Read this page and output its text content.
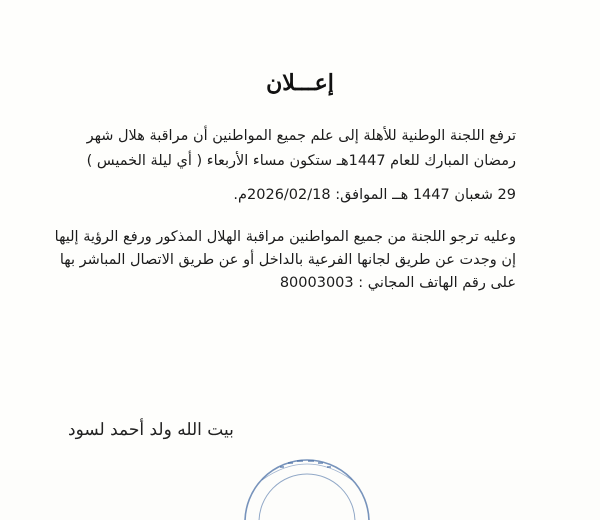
إعـــلان
ترفع اللجنة الوطنية للأهلة إلى علم جميع المواطنين أن مراقبة هلال شهر
رمضان المبارك للعام 1447هـ ستكون مساء الأربعاء ( أي ليلة الخميس )
29 شعبان 1447 هــ الموافق: 2026/02/18م.
وعليه ترجو اللجنة من جميع المواطنين مراقبة الهلال المذكور ورفع الرؤية إليها
إن وجدت عن طريق لجانها الفرعية بالداخل أو عن طريق الاتصال المباشر بها
على رقم الهاتف المجاني : 80003003
بيت الله ولد أحمد لسود
